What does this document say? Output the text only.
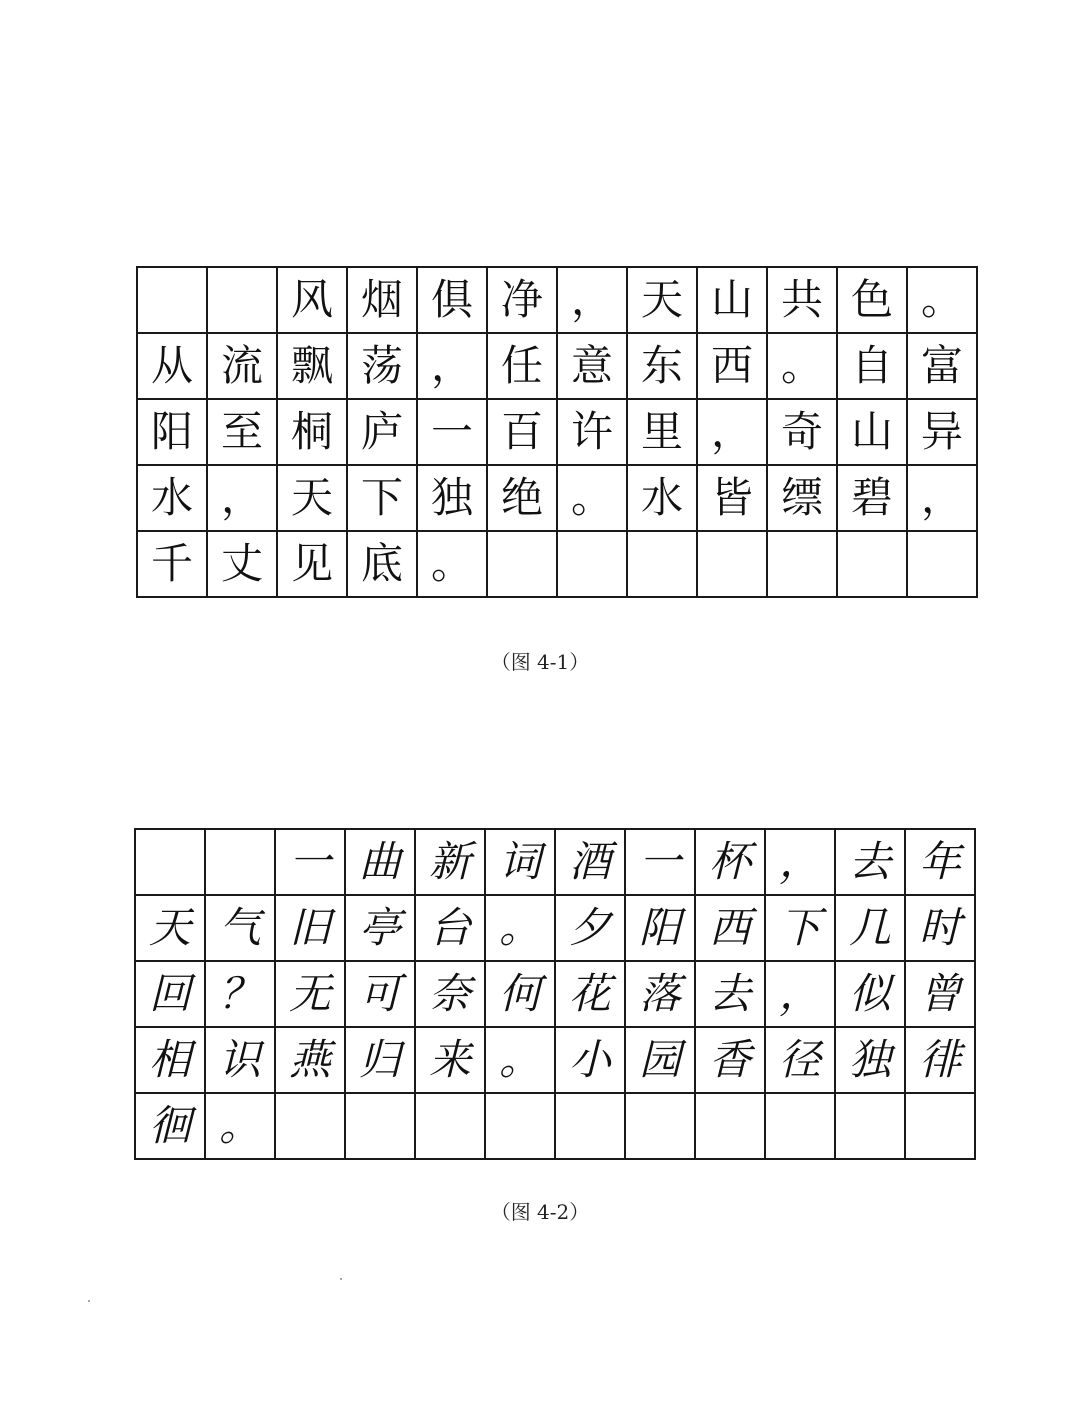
		风	烟	俱	净	，	天	山	共	色	。
从	流	飘	荡	，	任	意	东	西	。	自	富
阳	至	桐	庐	一	百	许	里	，	奇	山	异
水	，	天	下	独	绝	。	水	皆	缥	碧	，
千	丈	见	底	。							
（图 4-1）
		一	曲	新	词	酒	一	杯	，	去	年
天	气	旧	亭	台	。	夕	阳	西	下	几	时
回	？	无	可	奈	何	花	落	去	，	似	曾
相	识	燕	归	来	。	小	园	香	径	独	徘
徊	。										
（图 4-2）
